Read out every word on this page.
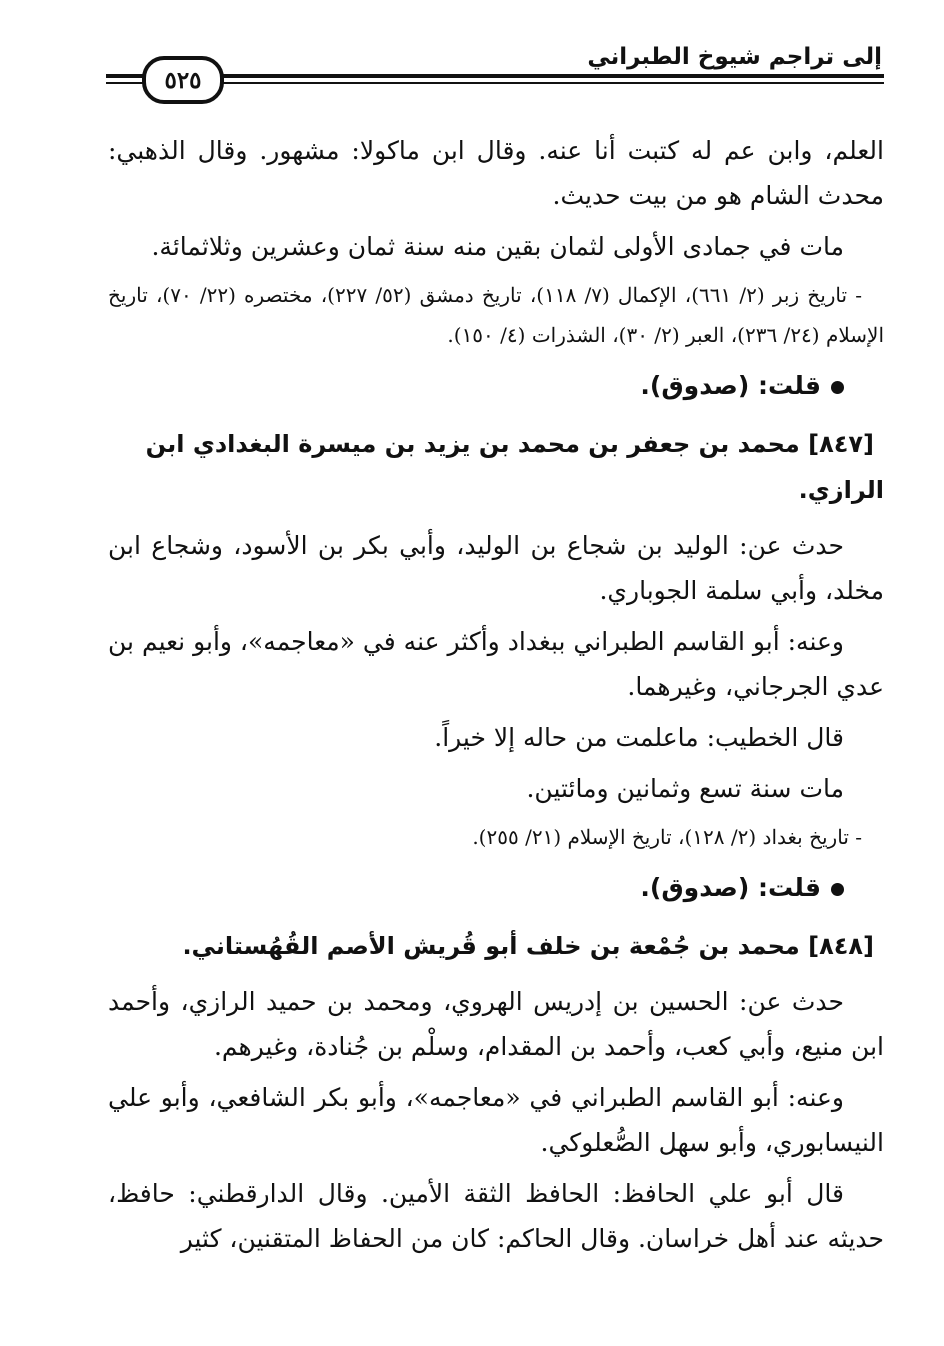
إلى تراجم شيوخ الطبراني
٥٢٥
العلم، وابن عم له كتبت أنا عنه. وقال ابن ماكولا: مشهور. وقال الذهبي: محدث الشام هو من بيت حديث.
مات في جمادى الأولى لثمان بقين منه سنة ثمان وعشرين وثلاثمائة.
- تاريخ زبر (٢/ ٦٦١)، الإكمال (٧/ ١١٨)، تاريخ دمشق (٥٢/ ٢٢٧)، مختصره (٢٢/ ٧٠)، تاريخ الإسلام (٢٤/ ٢٣٦)، العبر (٢/ ٣٠)، الشذرات (٤/ ١٥٠).
قلت: (صدوق).
[٨٤٧] محمد بن جعفر بن محمد بن يزيد بن ميسرة البغدادي ابن الرازي.
حدث عن: الوليد بن شجاع بن الوليد، وأبي بكر بن الأسود، وشجاع ابن مخلد، وأبي سلمة الجوباري.
وعنه: أبو القاسم الطبراني ببغداد وأكثر عنه في «معاجمه»، وأبو نعيم بن عدي الجرجاني، وغيرهما.
قال الخطيب: ماعلمت من حاله إلا خيراً.
مات سنة تسع وثمانين ومائتين.
- تاريخ بغداد (٢/ ١٢٨)، تاريخ الإسلام (٢١/ ٢٥٥).
قلت: (صدوق).
[٨٤٨] محمد بن جُمْعة بن خلف أبو قُريش الأصم القُهُستاني.
حدث عن: الحسين بن إدريس الهروي، ومحمد بن حميد الرازي، وأحمد ابن منيع، وأبي كعب، وأحمد بن المقدام، وسلْم بن جُنادة، وغيرهم.
وعنه: أبو القاسم الطبراني في «معاجمه»، وأبو بكر الشافعي، وأبو علي النيسابوري، وأبو سهل الصُّعلوكي.
قال أبو علي الحافظ: الحافظ الثقة الأمين. وقال الدارقطني: حافظ، حديثه عند أهل خراسان. وقال الحاكم: كان من الحفاظ المتقنين، كثير
